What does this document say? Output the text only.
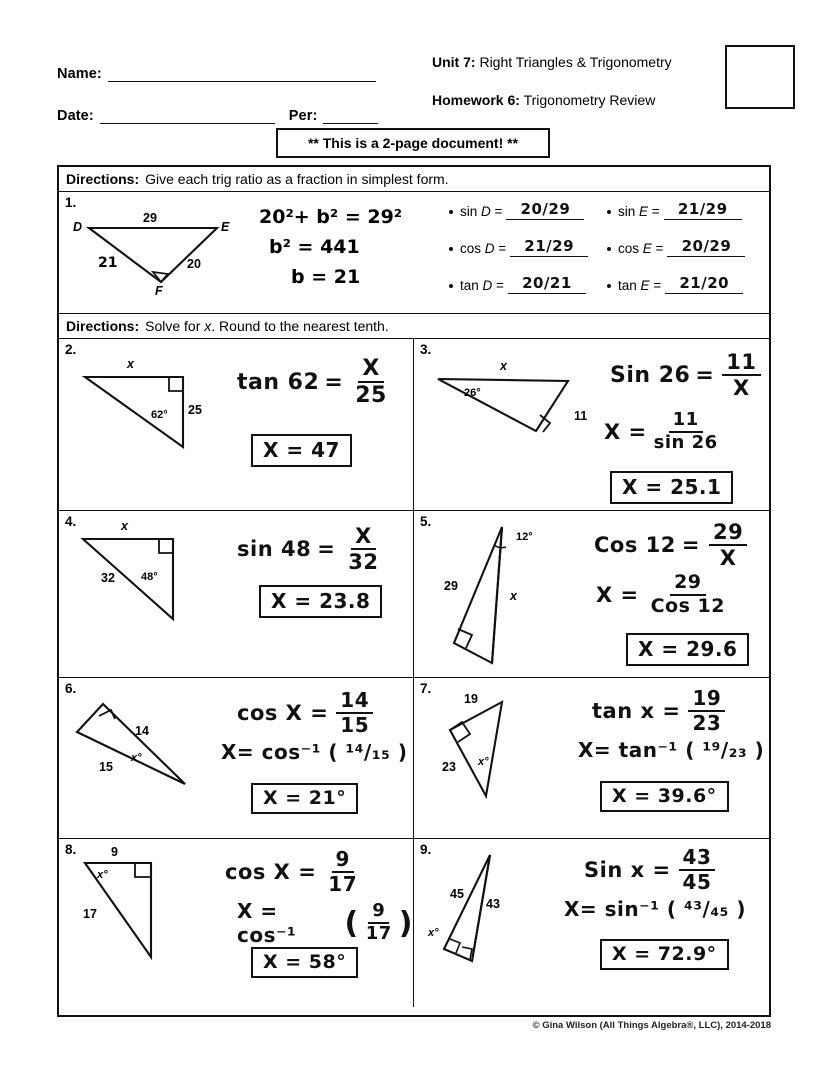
Name:
Date:	Per:
Unit 7: Right Triangles & Trigonometry
Homework 6: Trigonometry Review
** This is a 2-page document! **
Directions: Give each trig ratio as a fraction in simplest form.
1.
D	E
F
29
20
21
20²+ b² = 29²
b² = 441
b = 21
sin D =	20/29
cos D =	21/29
tan D =	20/21
sin E =	21/29
cos E =	20/29
tan E =	21/20
Directions: Solve for
x . Round to the nearest tenth.
2.
x
25
62°
$\tan 62 = \frac{X}{25}$
X = 47
3.
x
11
26°
Sin $26 = \frac{11}{X}$
$X = \frac{11}{\sin 26}$
X = 25.1
4.	x
32 48°
$\sin 48 = \frac{X}{32}$
X = 23.8
5.
12°
29
x
Cos $12 = \frac{29}{X}$
$X = \frac{29}{\text{Cos 12}}$
X = 29.6
6.
14
15
x°
$\cos X = \frac{14}{15}$
X= cos⁻¹ ( ¹⁴/₁₅ )
X = 21°
7.
19
23 x°
$\tan x = \frac{19}{23}$
X= tan⁻¹ ( ¹⁹/₂₃ )
X = 39.6°
8.	9
17
x°	$\cos X = \frac{9}{17}$
X = cos⁻¹	( $\frac{9}{17}$ )
X = 58°
9.
45
43
x°
Sin $x = \frac{43}{45}$
X= sin⁻¹ ( ⁴³/₄₅ )
X = 72.9°
© Gina Wilson (All Things Algebra®, LLC), 2014-2018
